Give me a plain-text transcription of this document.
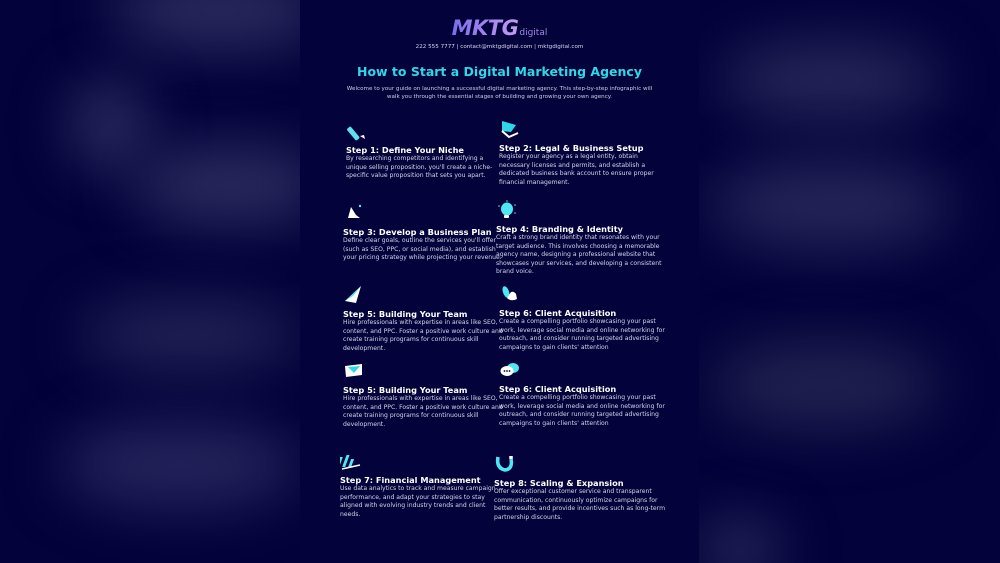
MKTGdigital
222 555 7777 | contact@mktgdigital.com | mktgdigital.com
How to Start a Digital Marketing Agency
Welcome to your guide on launching a successful digital marketing agency. This step-by-step infographic will walk you through the essential stages of building and growing your own agency.
Step 1: Define Your Niche
By researching competitors and identifying a unique selling proposition, you'll create a niche-specific value proposition that sets you apart.
Step 2: Legal & Business Setup
Register your agency as a legal entity, obtain necessary licenses and permits, and establish a dedicated business bank account to ensure proper financial management.
Step 3: Develop a Business Plan
Define clear goals, outline the services you'll offer (such as SEO, PPC, or social media), and establish your pricing strategy while projecting your revenue.
Step 4: Branding & Identity
Craft a strong brand identity that resonates with your target audience. This involves choosing a memorable agency name, designing a professional website that showcases your services, and developing a consistent brand voice.
Step 5: Building Your Team
Hire professionals with expertise in areas like SEO, content, and PPC. Foster a positive work culture and create training programs for continuous skill development.
Step 6: Client Acquisition
Create a compelling portfolio showcasing your past work, leverage social media and online networking for outreach, and consider running targeted advertising campaigns to gain clients' attention
Step 5: Building Your Team
Hire professionals with expertise in areas like SEO, content, and PPC. Foster a positive work culture and create training programs for continuous skill development.
Step 6: Client Acquisition
Create a compelling portfolio showcasing your past work, leverage social media and online networking for outreach, and consider running targeted advertising campaigns to gain clients' attention
Step 7: Financial Management
Use data analytics to track and measure campaign performance, and adapt your strategies to stay aligned with evolving industry trends and client needs.
Step 8: Scaling & Expansion
Offer exceptional customer service and transparent communication, continuously optimize campaigns for better results, and provide incentives such as long-term partnership discounts.
